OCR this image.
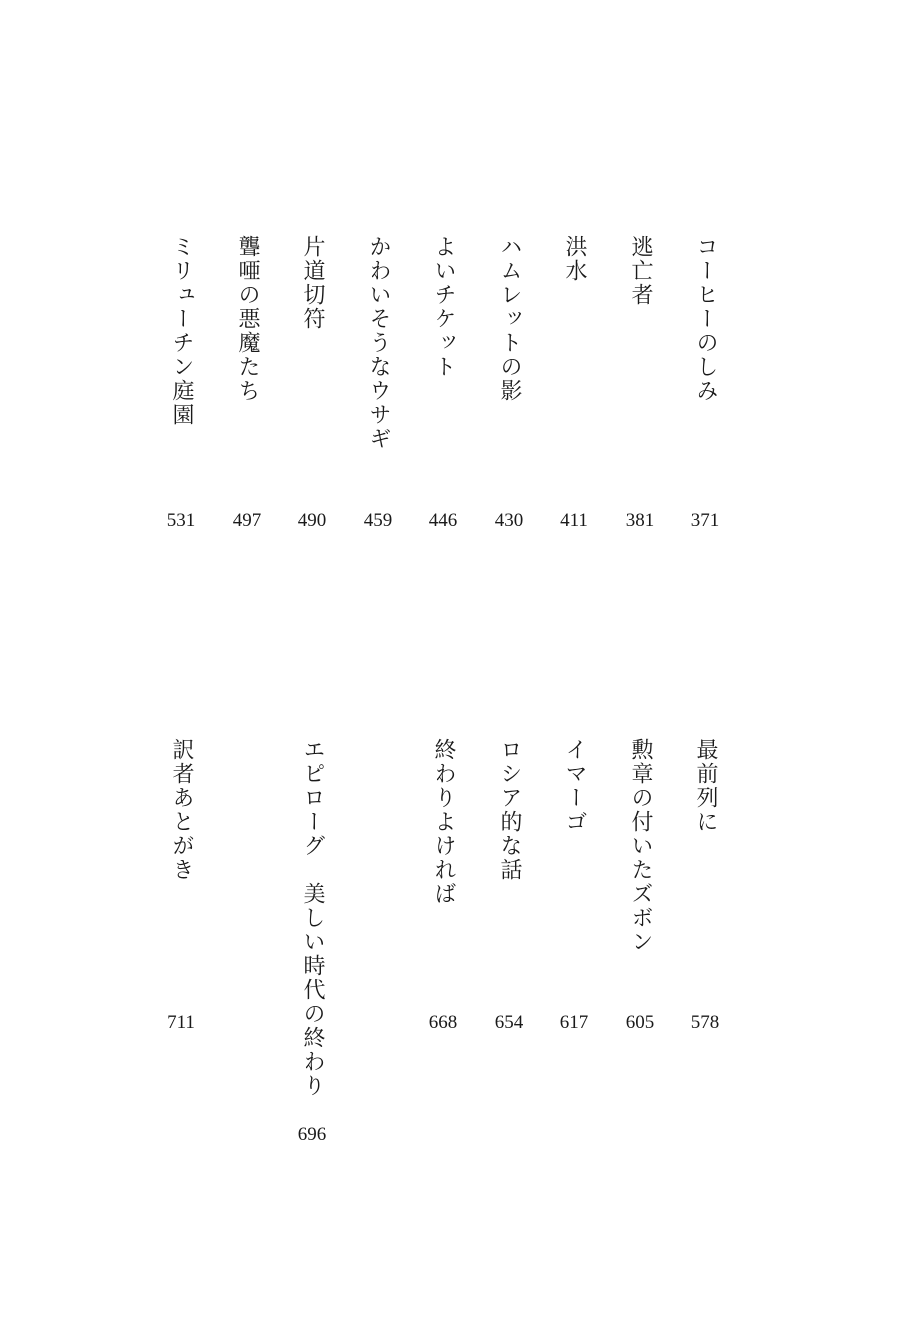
コーヒーのしみ
371
逃亡者
381
洪水
411
ハムレットの影
430
よいチケット
446
かわいそうなウサギ
459
片道切符
490
聾唖の悪魔たち
497
ミリューチン庭園
531
最前列に
578
勲章の付いたズボン
605
イマーゴ
617
ロシア的な話
654
終わりよければ
668
エピローグ　美しい時代の終わり
696
訳者あとがき
711
